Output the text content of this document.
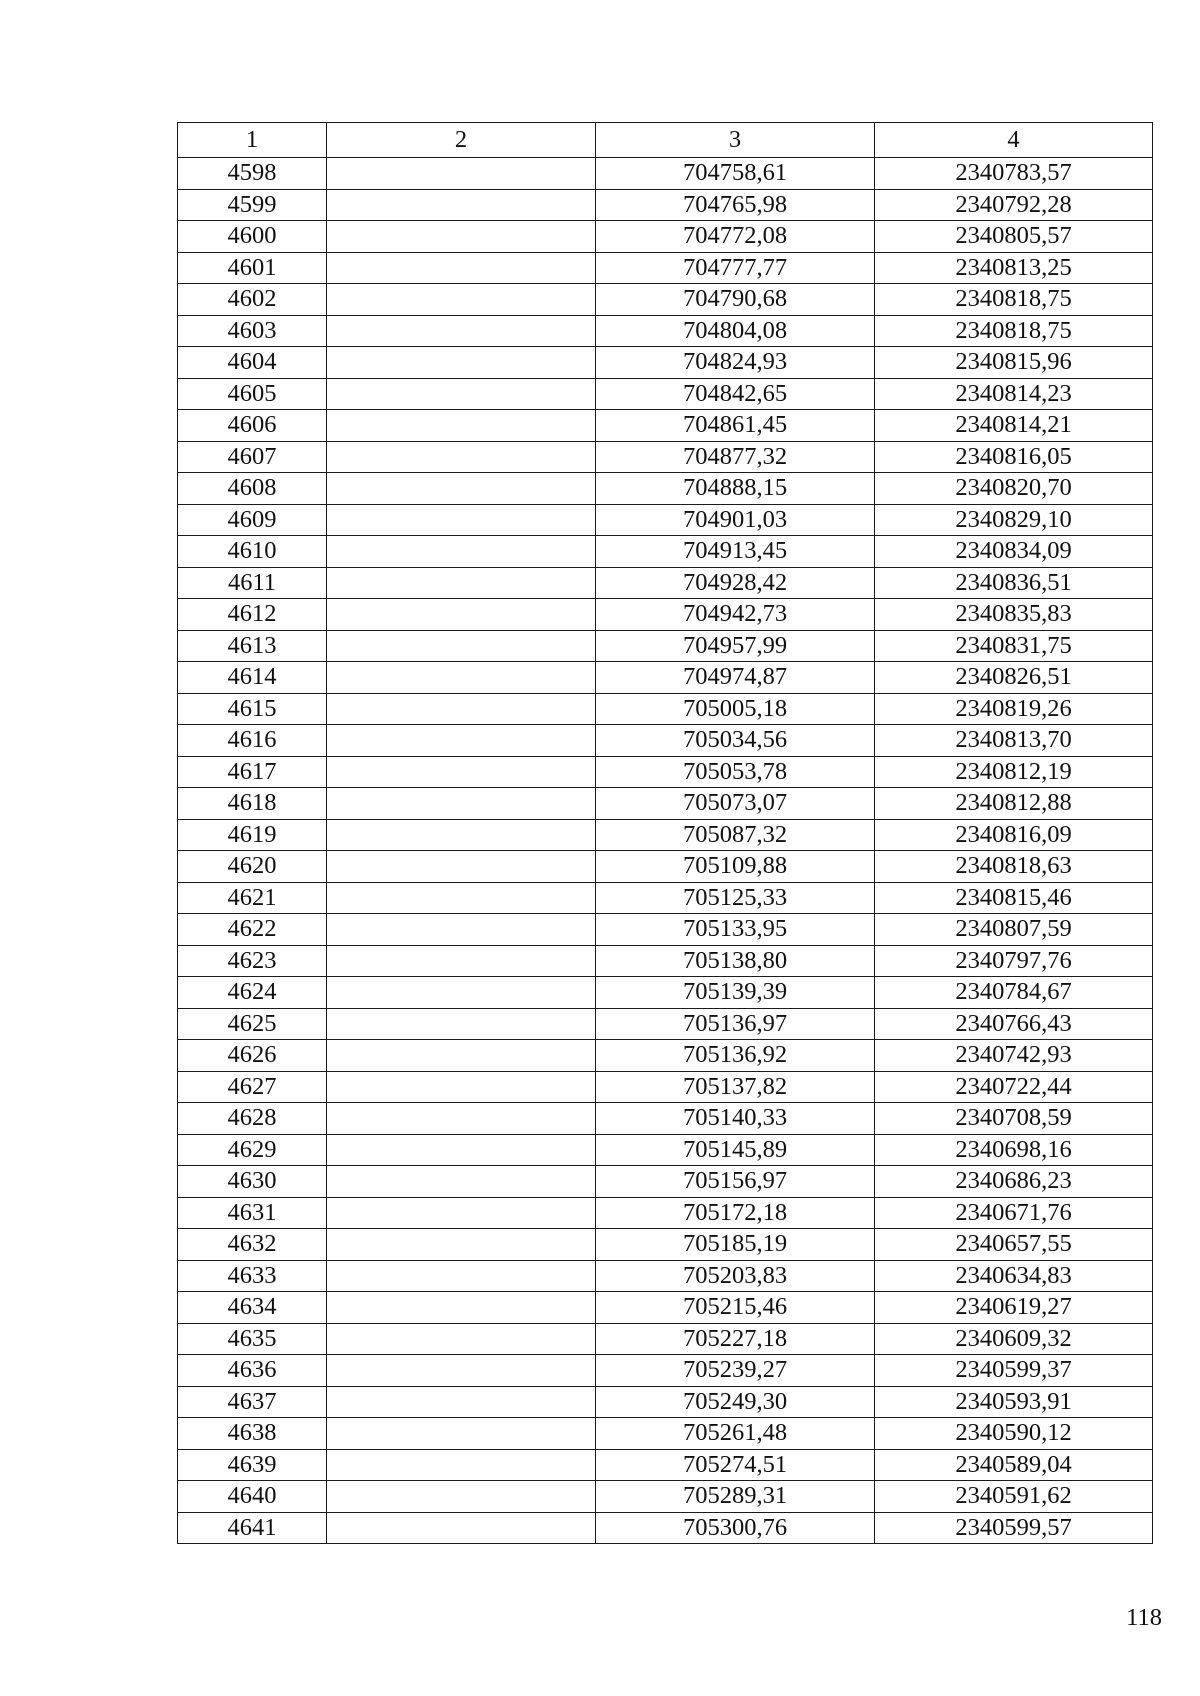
1	2	3	4
4598		704758,61	2340783,57
4599		704765,98	2340792,28
4600		704772,08	2340805,57
4601		704777,77	2340813,25
4602		704790,68	2340818,75
4603		704804,08	2340818,75
4604		704824,93	2340815,96
4605		704842,65	2340814,23
4606		704861,45	2340814,21
4607		704877,32	2340816,05
4608		704888,15	2340820,70
4609		704901,03	2340829,10
4610		704913,45	2340834,09
4611		704928,42	2340836,51
4612		704942,73	2340835,83
4613		704957,99	2340831,75
4614		704974,87	2340826,51
4615		705005,18	2340819,26
4616		705034,56	2340813,70
4617		705053,78	2340812,19
4618		705073,07	2340812,88
4619		705087,32	2340816,09
4620		705109,88	2340818,63
4621		705125,33	2340815,46
4622		705133,95	2340807,59
4623		705138,80	2340797,76
4624		705139,39	2340784,67
4625		705136,97	2340766,43
4626		705136,92	2340742,93
4627		705137,82	2340722,44
4628		705140,33	2340708,59
4629		705145,89	2340698,16
4630		705156,97	2340686,23
4631		705172,18	2340671,76
4632		705185,19	2340657,55
4633		705203,83	2340634,83
4634		705215,46	2340619,27
4635		705227,18	2340609,32
4636		705239,27	2340599,37
4637		705249,30	2340593,91
4638		705261,48	2340590,12
4639		705274,51	2340589,04
4640		705289,31	2340591,62
4641		705300,76	2340599,57
118
